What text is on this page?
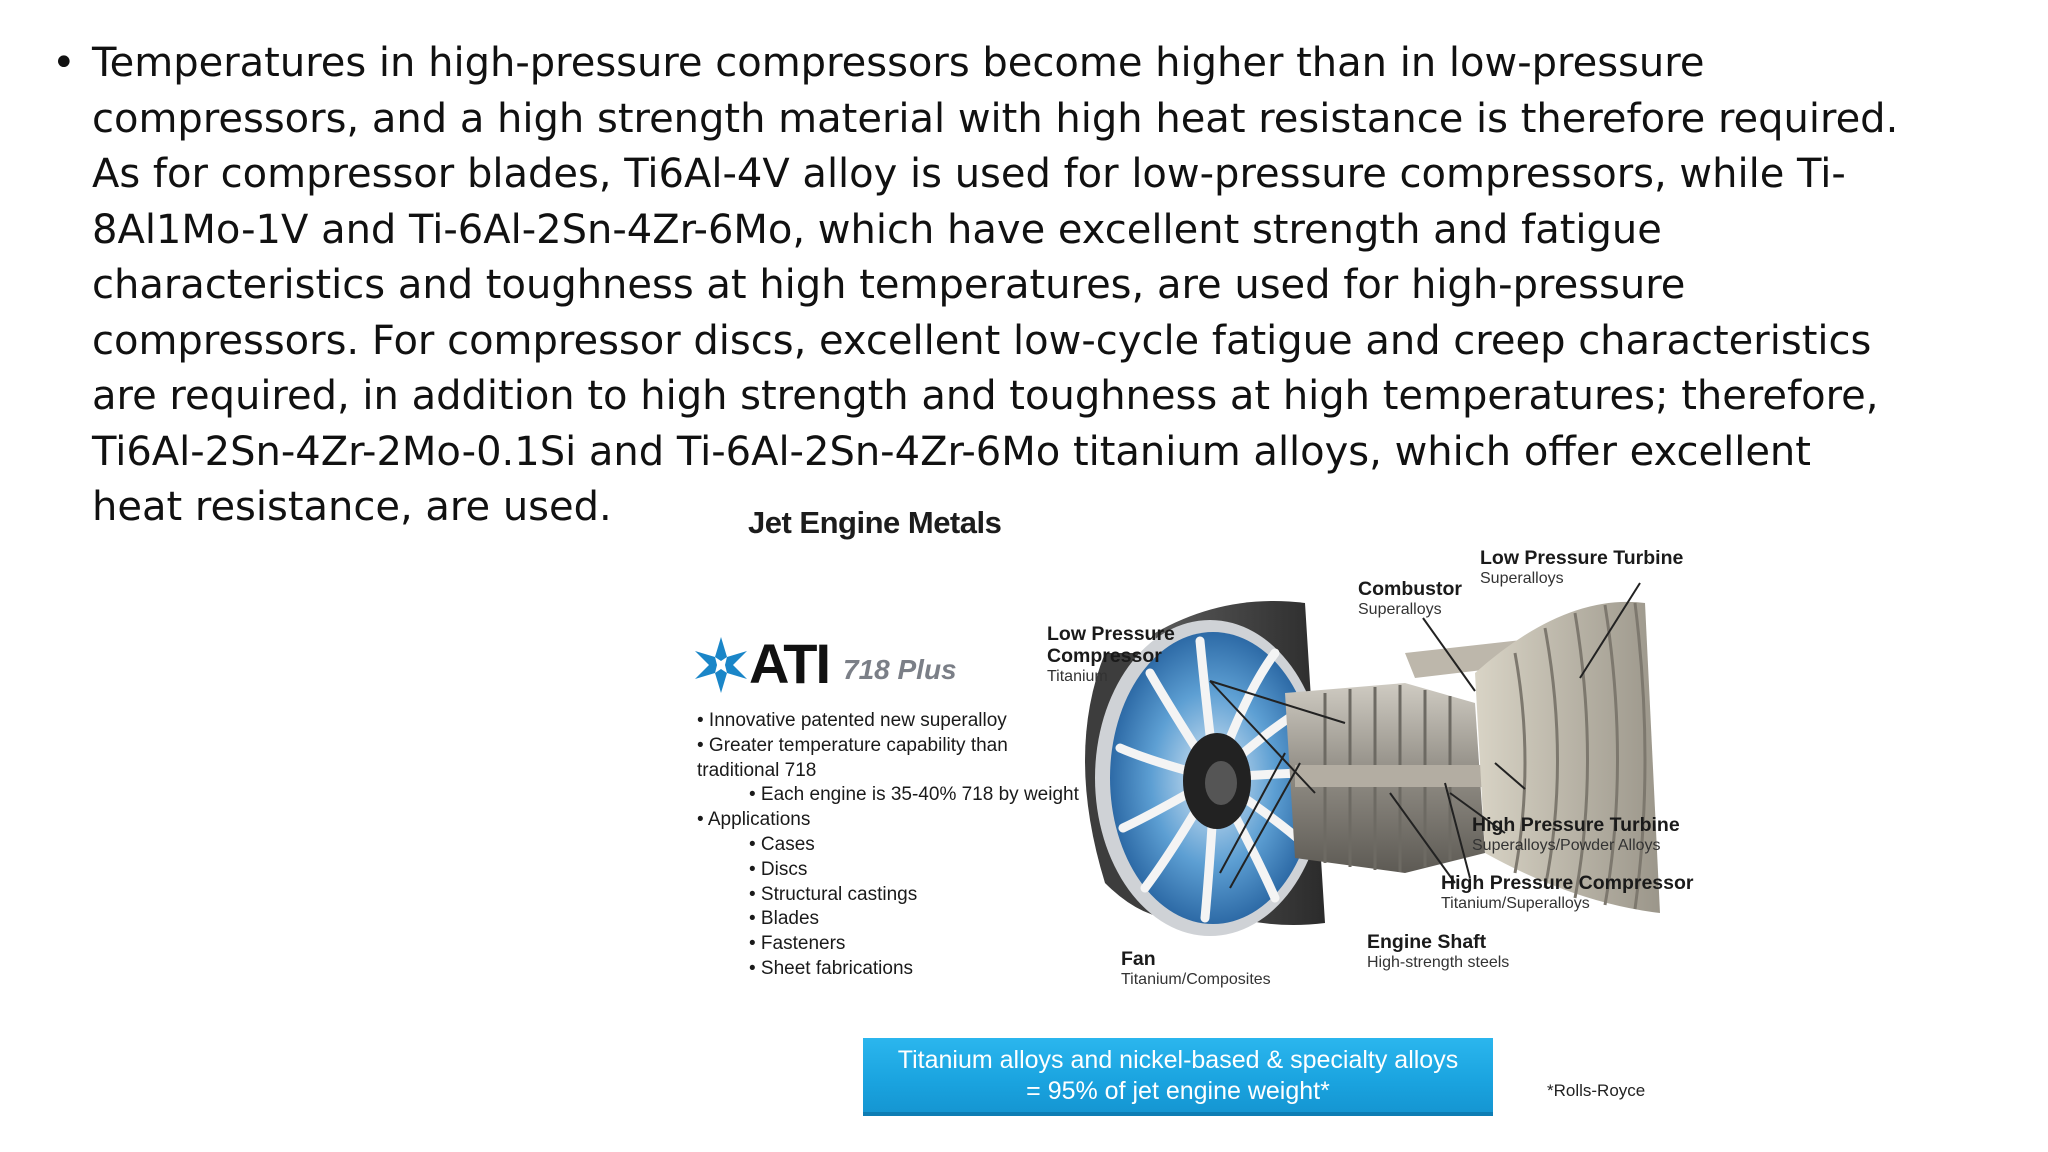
• Temperatures in high-pressure compressors become higher than in low-pressure
compressors, and a high strength material with high heat resistance is therefore required.
As for compressor blades, Ti6Al-4V alloy is used for low-pressure compressors, while Ti-
8Al1Mo-1V and Ti-6Al-2Sn-4Zr-6Mo, which have excellent strength and fatigue
characteristics and toughness at high temperatures, are used for high-pressure
compressors. For compressor discs, excellent low-cycle fatigue and creep characteristics
are required, in addition to high strength and toughness at high temperatures; therefore,
Ti6Al-2Sn-4Zr-2Mo-0.1Si and Ti-6Al-2Sn-4Zr-6Mo titanium alloys, which offer excellent
heat resistance, are used.	Jet Engine Metals
ATI 718 Plus
• Innovative patented new superalloy
• Greater temperature capability than
traditional 718
• Each engine is 35-40% 718 by weight
• Applications
• Cases
• Discs
• Structural castings
• Blades
• Fasteners
• Sheet fabrications
Low Pressure Turbine
Superalloys
Combustor
Superalloys
Low Pressure
Compressor
Titanium
High Pressure Turbine
Superalloys/Powder Alloys
High Pressure Compressor
Titanium/Superalloys
Engine Shaft
High-strength steels
Fan
Titanium/Composites
Titanium alloys and nickel-based & specialty alloys
= 95% of jet engine weight*	*Rolls-Royce
